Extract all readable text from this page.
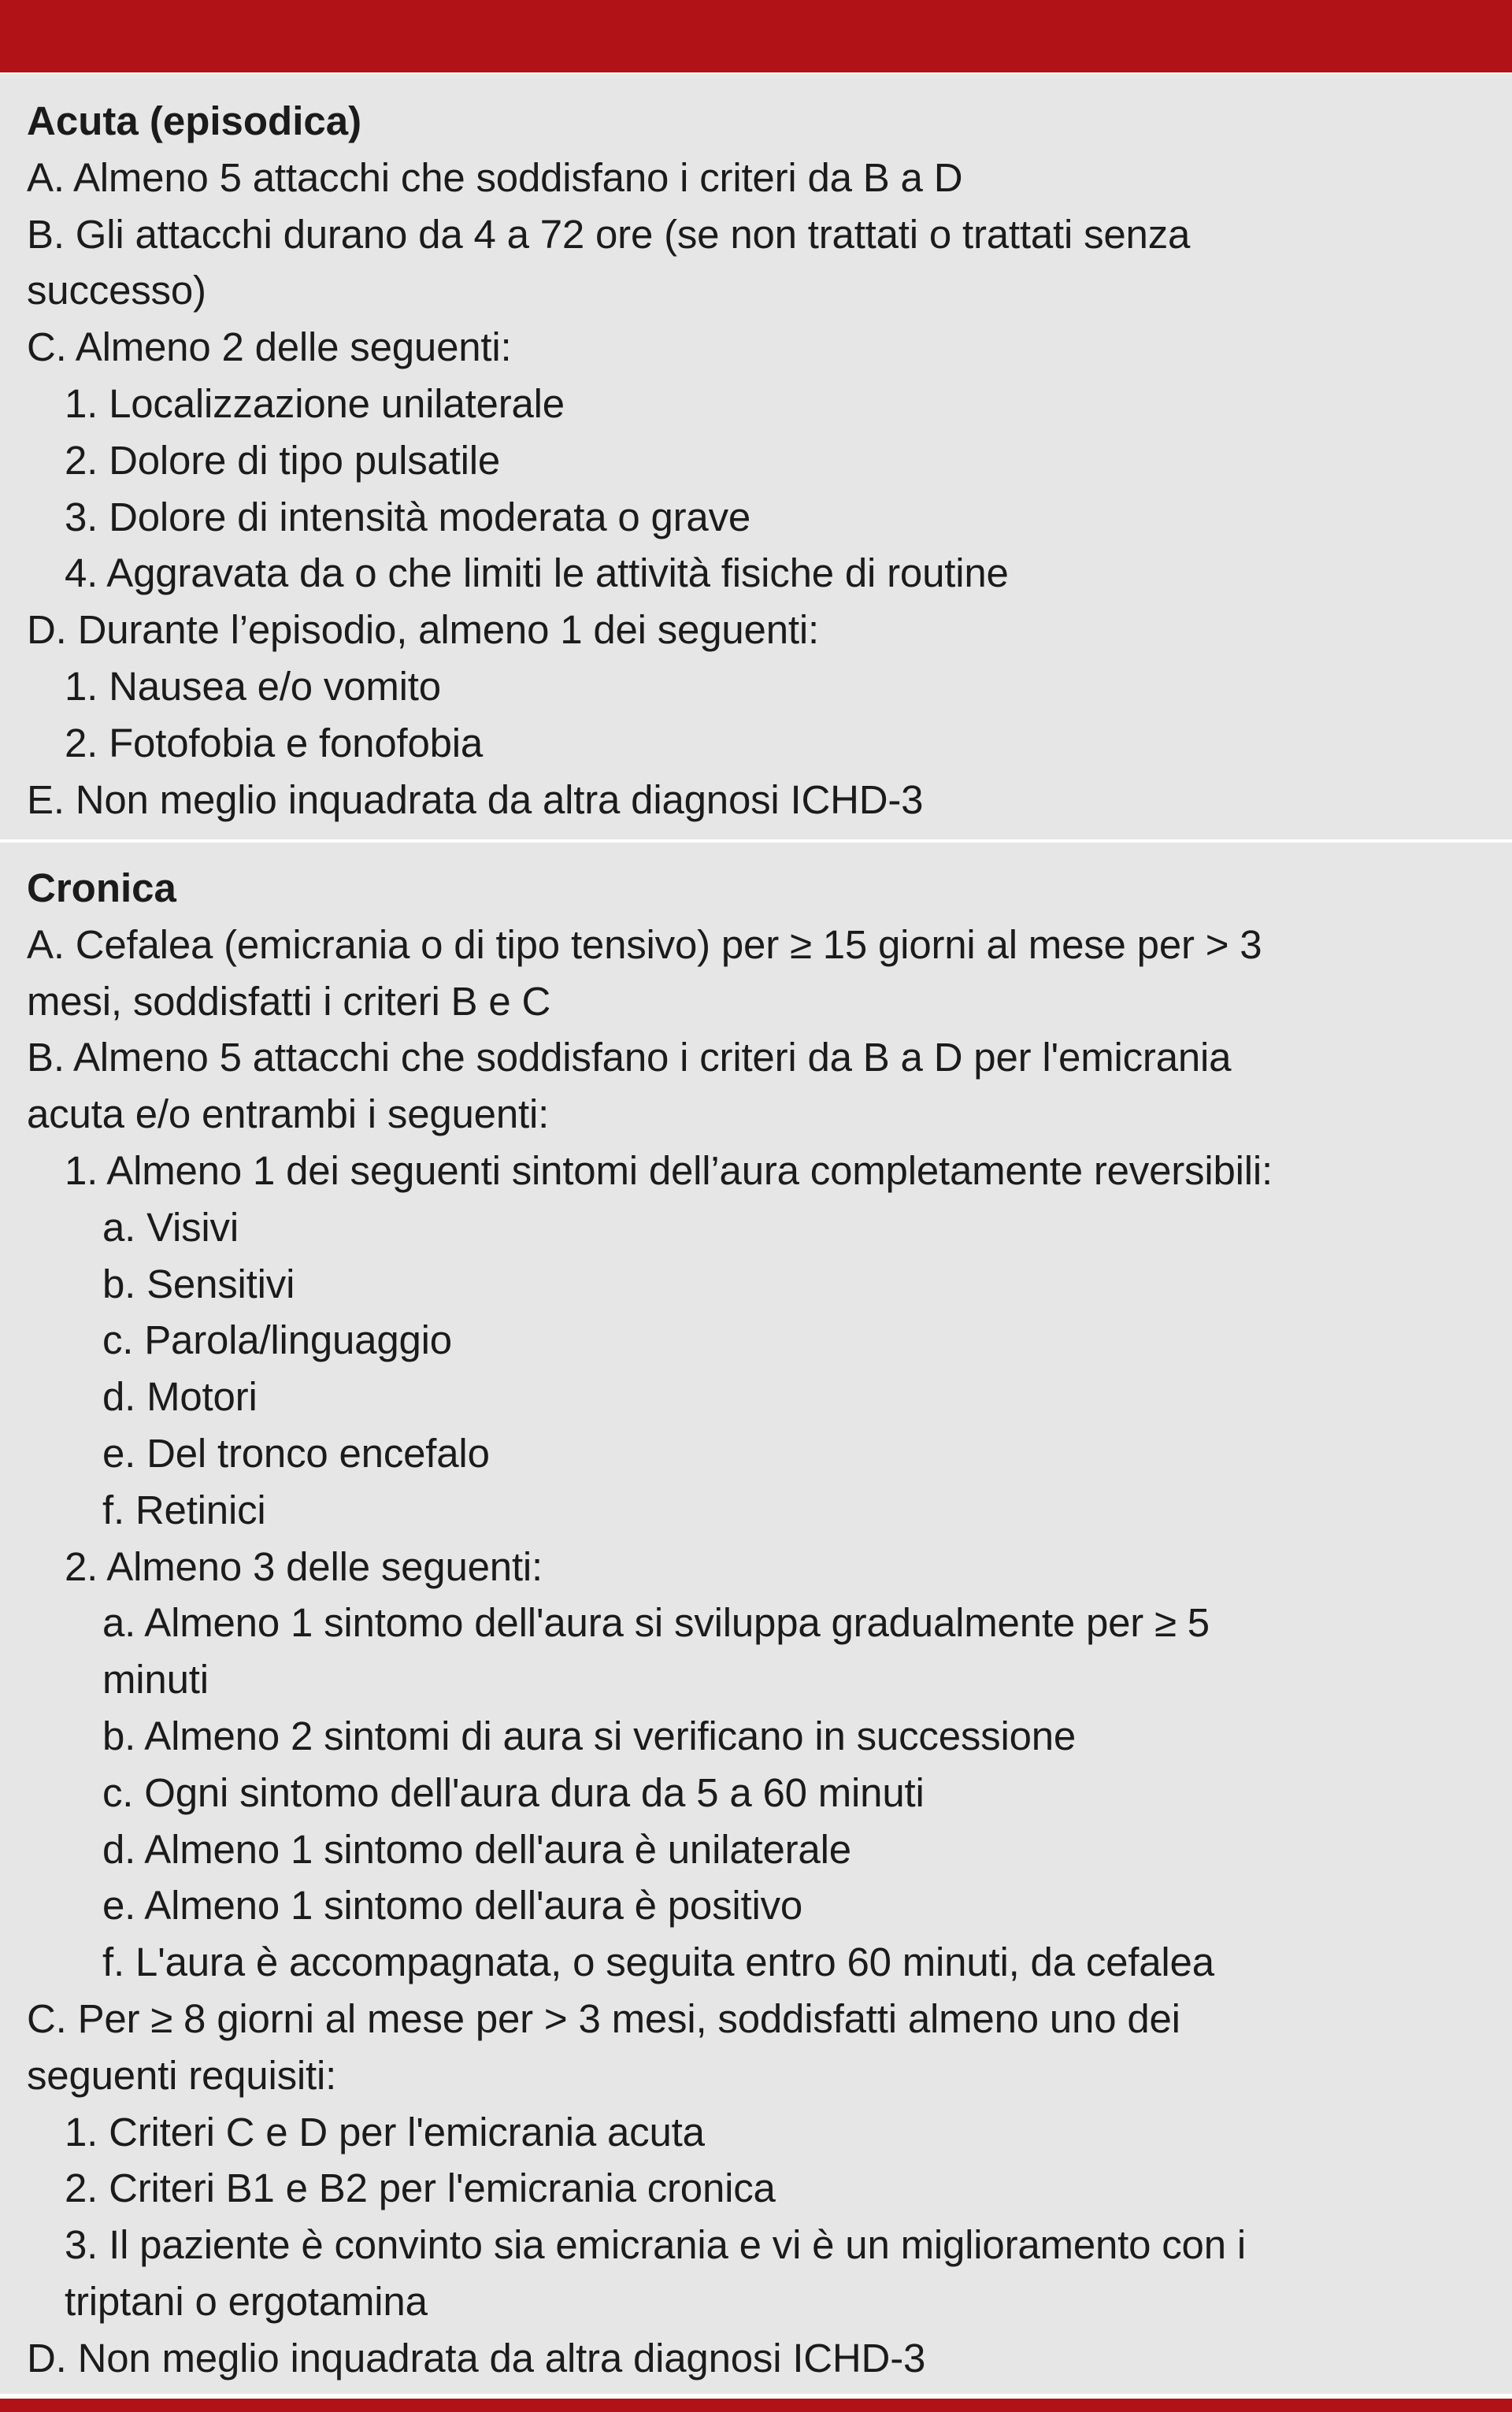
Acuta (episodica)
A. Almeno 5 attacchi che soddisfano i criteri da B a D
B. Gli attacchi durano da 4 a 72 ore (se non trattati o trattati senza
successo)
C. Almeno 2 delle seguenti:
1. Localizzazione unilaterale
2. Dolore di tipo pulsatile
3. Dolore di intensità moderata o grave
4. Aggravata da o che limiti le attività fisiche di routine
D. Durante l’episodio, almeno 1 dei seguenti:
1. Nausea e/o vomito
2. Fotofobia e fonofobia
E. Non meglio inquadrata da altra diagnosi ICHD-3
Cronica
A. Cefalea (emicrania o di tipo tensivo) per ≥ 15 giorni al mese per > 3
mesi, soddisfatti i criteri B e C
B. Almeno 5 attacchi che soddisfano i criteri da B a D per l'emicrania
acuta e/o entrambi i seguenti:
1. Almeno 1 dei seguenti sintomi dell’aura completamente reversibili:
a. Visivi
b. Sensitivi
c. Parola/linguaggio
d. Motori
e. Del tronco encefalo
f. Retinici
2. Almeno 3 delle seguenti:
a. Almeno 1 sintomo dell'aura si sviluppa gradualmente per ≥ 5
minuti
b. Almeno 2 sintomi di aura si verificano in successione
c. Ogni sintomo dell'aura dura da 5 a 60 minuti
d. Almeno 1 sintomo dell'aura è unilaterale
e. Almeno 1 sintomo dell'aura è positivo
f. L'aura è accompagnata, o seguita entro 60 minuti, da cefalea
C. Per ≥ 8 giorni al mese per > 3 mesi, soddisfatti almeno uno dei
seguenti requisiti:
1. Criteri C e D per l'emicrania acuta
2. Criteri B1 e B2 per l'emicrania cronica
3. Il paziente è convinto sia emicrania e vi è un miglioramento con i
triptani o ergotamina
D. Non meglio inquadrata da altra diagnosi ICHD-3
